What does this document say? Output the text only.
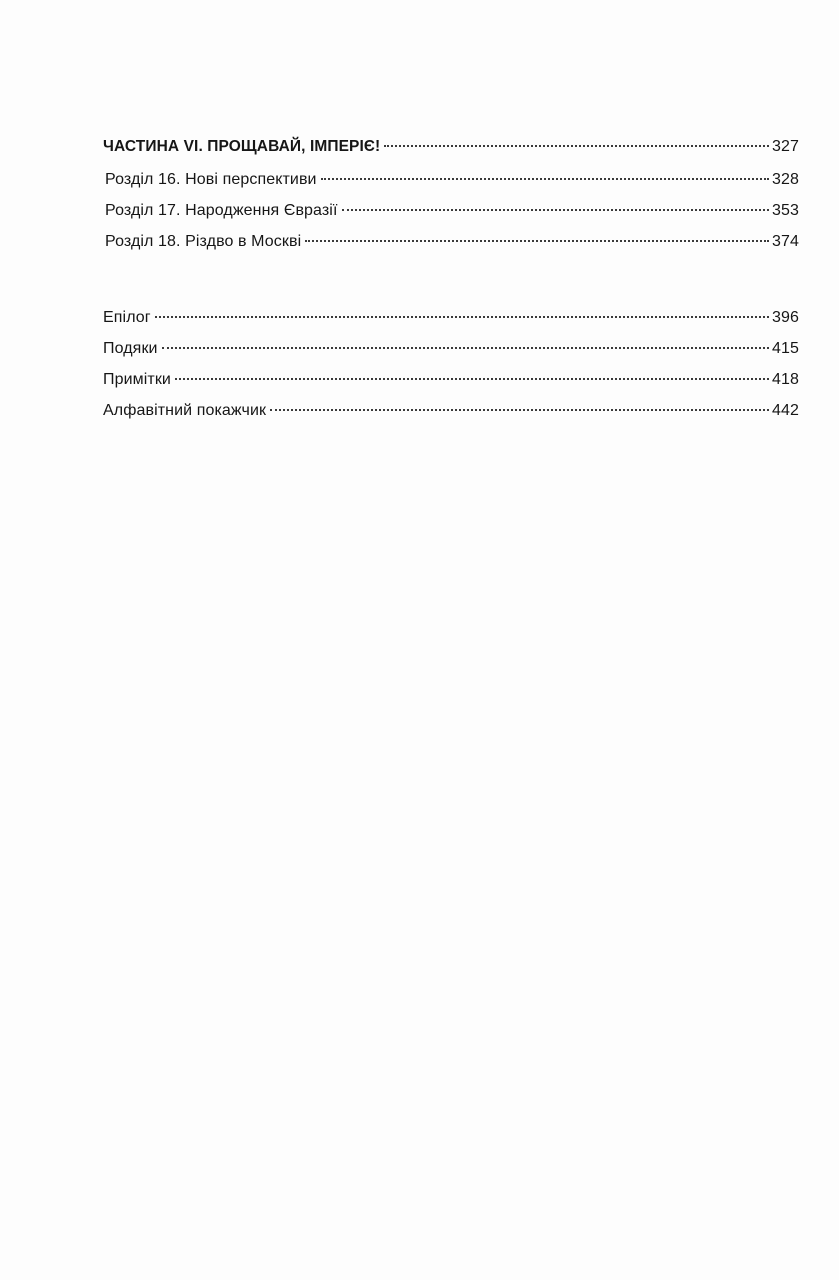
ЧАСТИНА VI. ПРОЩАВАЙ, ІМПЕРІЄ!	327
Розділ 16. Нові перспективи	328
Розділ 17. Народження Євразії	353
Розділ 18. Різдво в Москві	374
Епілог	396
Подяки	415
Примітки	418
Алфавітний покажчик	442
